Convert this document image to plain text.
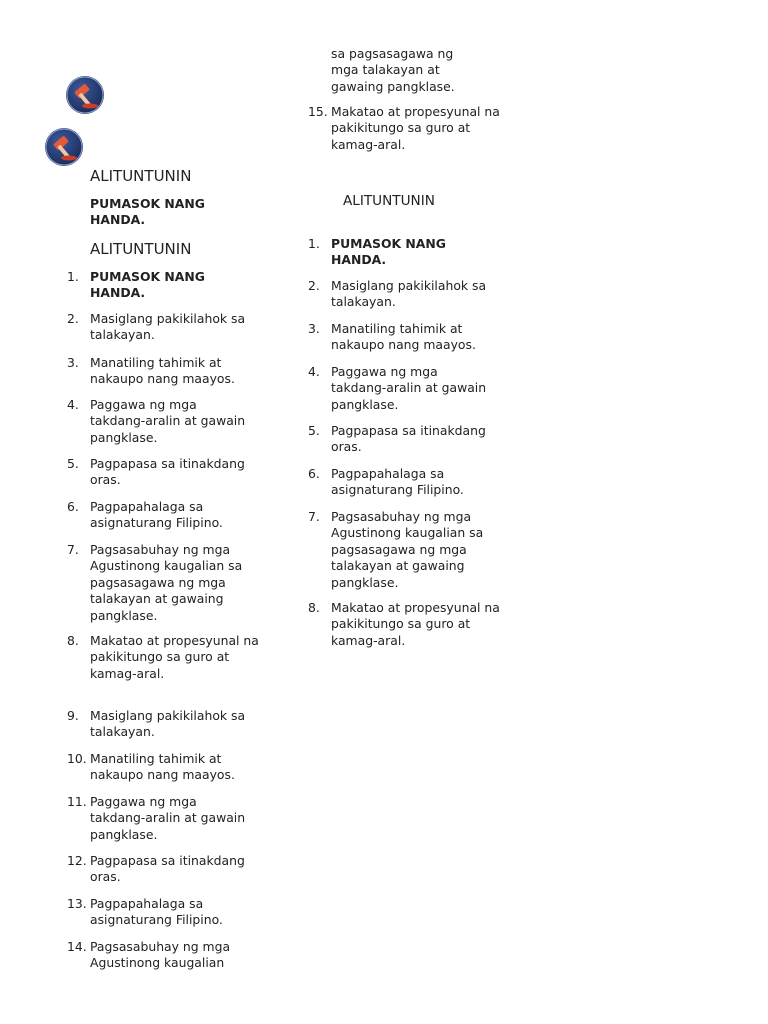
ALITUNTUNIN
PUMASOK NANG HANDA.
ALITUNTUNIN
1. PUMASOK NANG HANDA.
2. Masiglang pakikilahok sa talakayan.
3. Manatiling tahimik at nakaupo nang maayos.
4. Paggawa ng mga takdang-aralin at gawain pangklase.
5. Pagpapasa sa itinakdang oras.
6. Pagpapahalaga sa asignaturang Filipino.
7. Pagsasabuhay ng mga Agustinong kaugalian sa pagsasagawa ng mga talakayan at gawaing pangklase.
8. Makatao at propesyunal na pakikitungo sa guro at kamag-aral.
9. Masiglang pakikilahok sa talakayan.
10. Manatiling tahimik at nakaupo nang maayos.
11. Paggawa ng mga takdang-aralin at gawain pangklase.
12. Pagpapasa sa itinakdang oras.
13. Pagpapahalaga sa asignaturang Filipino.
14. Pagsasabuhay ng mga Agustinong kaugalian
sa pagsasagawa ng mga talakayan at gawaing pangklase.
15. Makatao at propesyunal na pakikitungo sa guro at kamag-aral.
ALITUNTUNIN
1. PUMASOK NANG HANDA.
2. Masiglang pakikilahok sa talakayan.
3. Manatiling tahimik at nakaupo nang maayos.
4. Paggawa ng mga takdang-aralin at gawain pangklase.
5. Pagpapasa sa itinakdang oras.
6. Pagpapahalaga sa asignaturang Filipino.
7. Pagsasabuhay ng mga Agustinong kaugalian sa pagsasagawa ng mga talakayan at gawaing pangklase.
8. Makatao at propesyunal na pakikitungo sa guro at kamag-aral.
